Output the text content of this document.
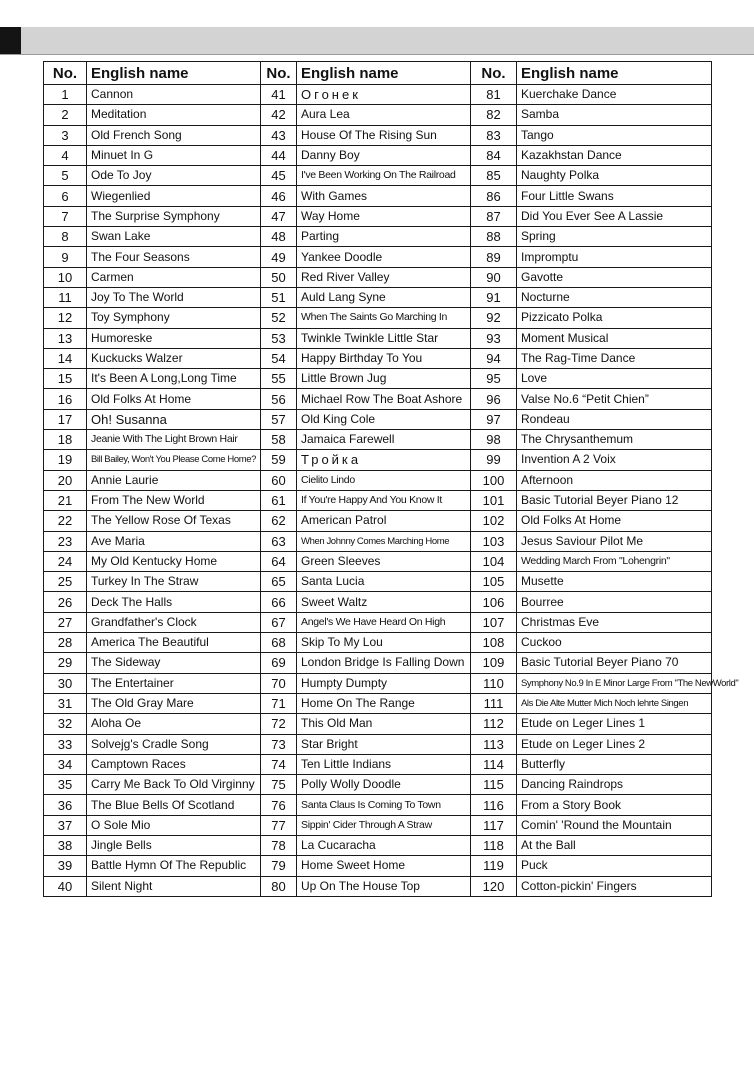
No.	English name	No.	English name	No.	English name
1	Cannon	41	Огонек	81	Kuerchake Dance
2	Meditation	42	Aura Lea	82	Samba
3	Old French Song	43	House Of The Rising Sun	83	Tango
4	Minuet In G	44	Danny Boy	84	Kazakhstan Dance
5	Ode To Joy	45	I've Been Working On The Railroad	85	Naughty Polka
6	Wiegenlied	46	With Games	86	Four Little Swans
7	The Surprise Symphony	47	Way Home	87	Did You Ever See A Lassie
8	Swan Lake	48	Parting	88	Spring
9	The Four Seasons	49	Yankee Doodle	89	Impromptu
10	Carmen	50	Red River Valley	90	Gavotte
11	Joy To The World	51	Auld Lang Syne	91	Nocturne
12	Toy Symphony	52	When The Saints Go Marching In	92	Pizzicato Polka
13	Humoreske	53	Twinkle Twinkle Little Star	93	Moment Musical
14	Kuckucks Walzer	54	Happy Birthday To You	94	The Rag-Time Dance
15	It's Been A Long,Long Time	55	Little Brown Jug	95	Love
16	Old Folks At Home	56	Michael Row The Boat Ashore	96	Valse No.6 “Petit Chien”
17	Oh! Susanna	57	Old King Cole	97	Rondeau
18	Jeanie With The Light Brown Hair	58	Jamaica Farewell	98	The Chrysanthemum
19	Bill Bailey, Won't You Please Come Home?	59	Тройка	99	Invention A 2 Voix
20	Annie Laurie	60	Cielito Lindo	100	Afternoon
21	From The New World	61	If You're Happy And You Know It	101	Basic Tutorial Beyer Piano 12
22	The Yellow Rose Of Texas	62	American Patrol	102	Old Folks At Home
23	Ave Maria	63	When Johnny Comes Marching Home	103	Jesus Saviour Pilot Me
24	My Old Kentucky Home	64	Green Sleeves	104	Wedding March From "Lohengrin"
25	Turkey In The Straw	65	Santa Lucia	105	Musette
26	Deck The Halls	66	Sweet Waltz	106	Bourree
27	Grandfather's Clock	67	Angel's We Have Heard On High	107	Christmas Eve
28	America The Beautiful	68	Skip To My Lou	108	Cuckoo
29	The Sideway	69	London Bridge Is Falling Down	109	Basic Tutorial Beyer Piano 70
30	The Entertainer	70	Humpty Dumpty	110	Symphony No.9 In E Minor Large From "The NewWorld"
31	The Old Gray Mare	71	Home On The Range	111	Als Die Alte Mutter Mich Noch lehrte Singen
32	Aloha Oe	72	This Old Man	112	Etude on Leger Lines 1
33	Solvejg's Cradle Song	73	Star Bright	113	Etude on Leger Lines 2
34	Camptown Races	74	Ten Little Indians	114	Butterfly
35	Carry Me Back To Old Virginny	75	Polly Wolly Doodle	115	Dancing Raindrops
36	The Blue Bells Of Scotland	76	Santa Claus Is Coming To Town	116	From a Story Book
37	O Sole Mio	77	Sippin' Cider Through A Straw	117	Comin' 'Round the Mountain
38	Jingle Bells	78	La Cucaracha	118	At the Ball
39	Battle Hymn Of The Republic	79	Home Sweet Home	119	Puck
40	Silent Night	80	Up On The House Top	120	Cotton-pickin' Fingers
